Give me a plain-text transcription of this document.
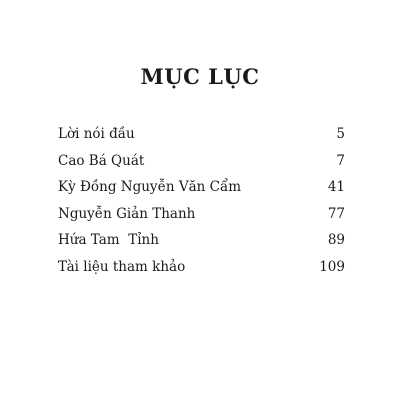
MỤC LỤC
Lời nói đầu	5
Cao Bá Quát	7
Kỳ Đồng Nguyễn Văn Cẩm	41
Nguyễn Giản Thanh	77
Hứa Tam  Tỉnh	89
Tài liệu tham khảo	109
